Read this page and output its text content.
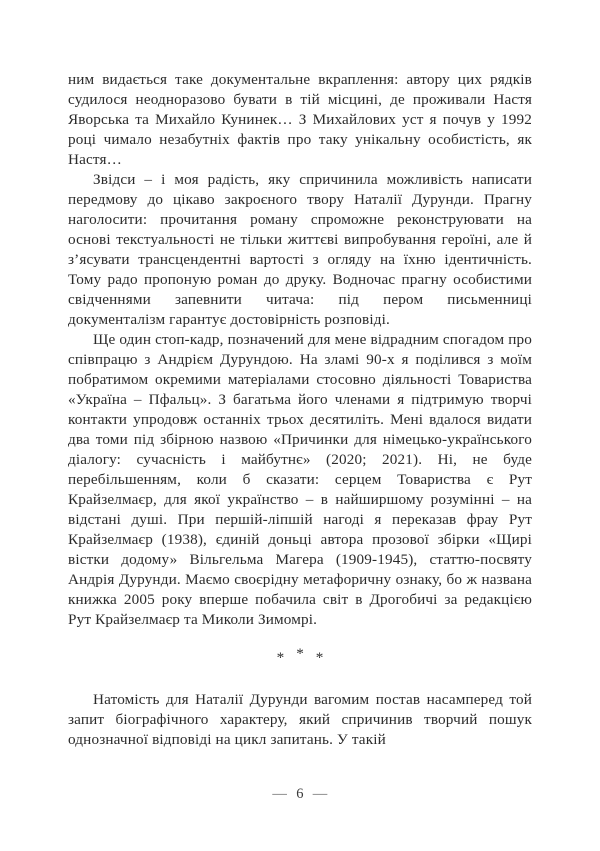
ним видається таке документальне вкраплення: автору цих рядків судилося неодноразово бувати в тій місцині, де проживали Настя Яворська та Михайло Кунинек… З Михайлових уст я почув у 1992 році чимало незабутніх фактів про таку унікальну особистість, як Настя…

Звідси – і моя радість, яку спричинила можливість написати передмову до цікаво закроєного твору Наталії Дурунди. Прагну наголосити: прочитання роману спроможне реконструювати на основі текстуальності не тільки життєві випробування героїні, але й з’ясувати трансцендентні вартості з огляду на їхню ідентичність. Тому радо пропоную роман до друку. Водночас прагну особистими свідченнями запевнити читача: під пером письменниці документалізм гарантує достовірність розповіді.

Ще один стоп-кадр, позначений для мене відрадним спогадом про співпрацю з Андрієм Дурундою. На зламі 90-х я поділився з моїм побратимом окремими матеріалами стосовно діяльності Товариства «Україна – Пфальц». З багатьма його членами я підтримую творчі контакти упродовж останніх трьох десятиліть. Мені вдалося видати два томи під збірною назвою «Причинки для німецько-українського діалогу: сучасність і майбутнє» (2020; 2021). Ні, не буде перебільшенням, коли б сказати: серцем Товариства є Рут Крайзелмаєр, для якої українство – в найширшому розумінні – на відстані душі. При першій-ліпшій нагоді я переказав фрау Рут Крайзелмаєр (1938), єдиній доньці автора прозової збірки «Щирі вістки додому» Вільгельма Магера (1909-1945), статтю-посвяту Андрія Дурунди. Маємо своєрідну метафоричну ознаку, бо ж названа книжка 2005 року вперше побачила світ в Дрогобичі за редакцією Рут Крайзелмаєр та Миколи Зимомрі.

* * *

Натомість для Наталії Дурунди вагомим постав насамперед той запит біографічного характеру, який спричинив творчий пошук однозначної відповіді на цикл запитань. У такій

— 6 —
